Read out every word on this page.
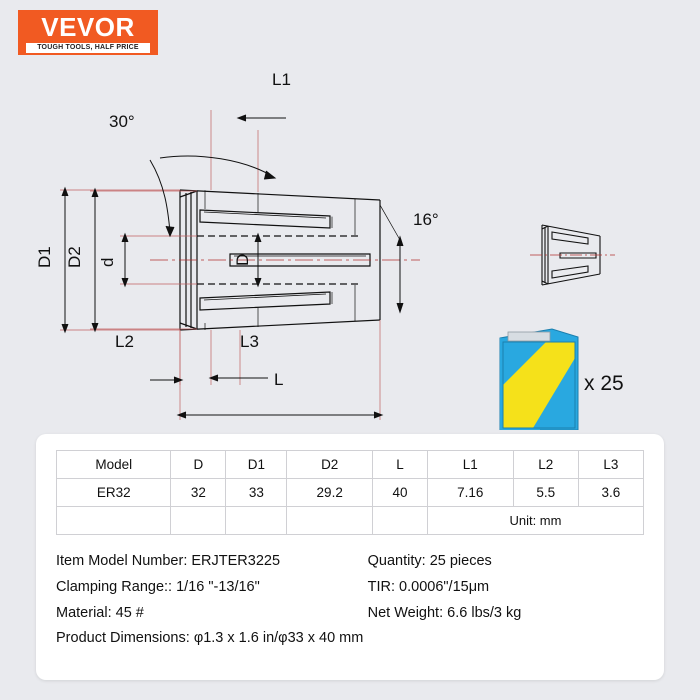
VEVOR
TOUGH TOOLS, HALF PRICE
30°
16°
D1 D2 d	D
L1
L
L2	L3
x 25
Model	D	D1	D2	L	L1	L2	L3
ER32	32	33	29.2	40	7.16	5.5	3.6
					Unit: mm		
Item Model Number: ERJTER3225	Quantity: 25 pieces
Clamping Range:: 1/16 "-13/16"	TIR: 0.0006"/15μm
Material: 45 #	Net Weight: 6.6 lbs/3 kg
Product Dimensions: φ1.3 x 1.6 in/φ33 x 40 mm
